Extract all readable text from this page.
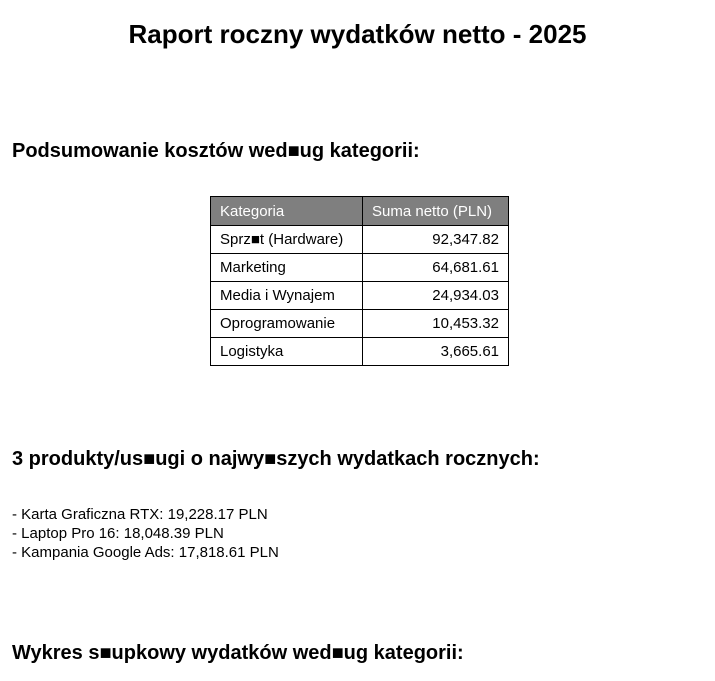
Raport roczny wydatków netto - 2025
Podsumowanie kosztów wed■ug kategorii:
Kategoria	Suma netto (PLN)
Sprz■t (Hardware)	92,347.82
Marketing	64,681.61
Media i Wynajem	24,934.03
Oprogramowanie	10,453.32
Logistyka	3,665.61
3 produkty/us■ugi o najwy■szych wydatkach rocznych:
- Karta Graficzna RTX: 19,228.17 PLN
- Laptop Pro 16: 18,048.39 PLN
- Kampania Google Ads: 17,818.61 PLN
Wykres s■upkowy wydatków wed■ug kategorii:
